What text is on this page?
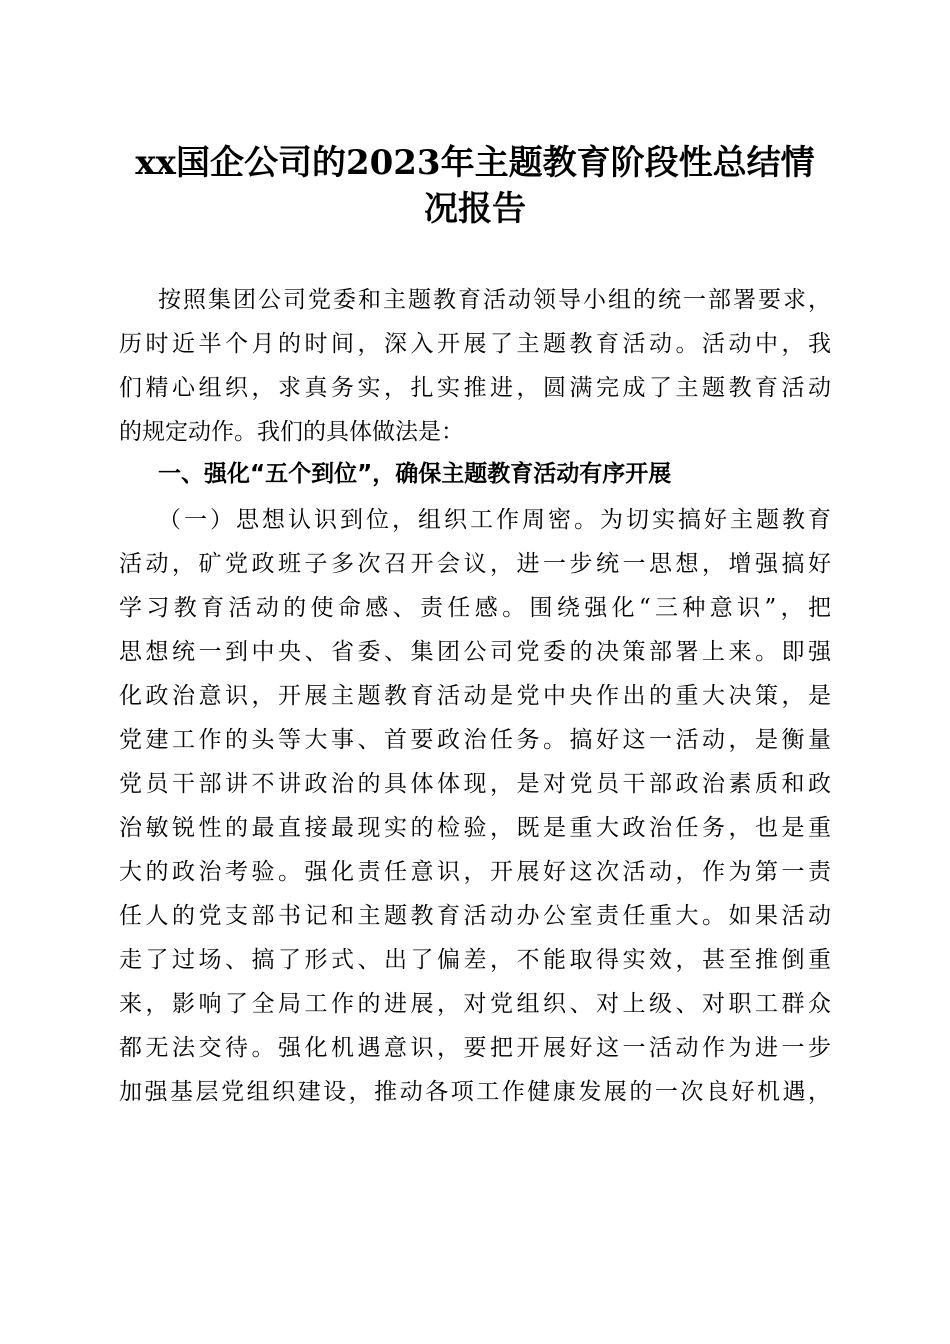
xx国企公司的2023年主题教育阶段性总结情
况报告
按照集团公司党委和主题教育活动领导小组的统一部署要求，
历时近半个月的时间，深入开展了主题教育活动。活动中，我
们精心组织，求真务实，扎实推进，圆满完成了主题教育活动
的规定动作。我们的具体做法是：
一、强化“五个到位”，确保主题教育活动有序开展
（一）思想认识到位，组织工作周密。为切实搞好主题教育
活动，矿党政班子多次召开会议，进一步统一思想，增强搞好
学习教育活动的使命感、责任感。围绕强化“三种意识”，把
思想统一到中央、省委、集团公司党委的决策部署上来。即强
化政治意识，开展主题教育活动是党中央作出的重大决策，是
党建工作的头等大事、首要政治任务。搞好这一活动，是衡量
党员干部讲不讲政治的具体体现，是对党员干部政治素质和政
治敏锐性的最直接最现实的检验，既是重大政治任务，也是重
大的政治考验。强化责任意识，开展好这次活动，作为第一责
任人的党支部书记和主题教育活动办公室责任重大。如果活动
走了过场、搞了形式、出了偏差，不能取得实效，甚至推倒重
来，影响了全局工作的进展，对党组织、对上级、对职工群众
都无法交待。强化机遇意识，要把开展好这一活动作为进一步
加强基层党组织建设，推动各项工作健康发展的一次良好机遇，
